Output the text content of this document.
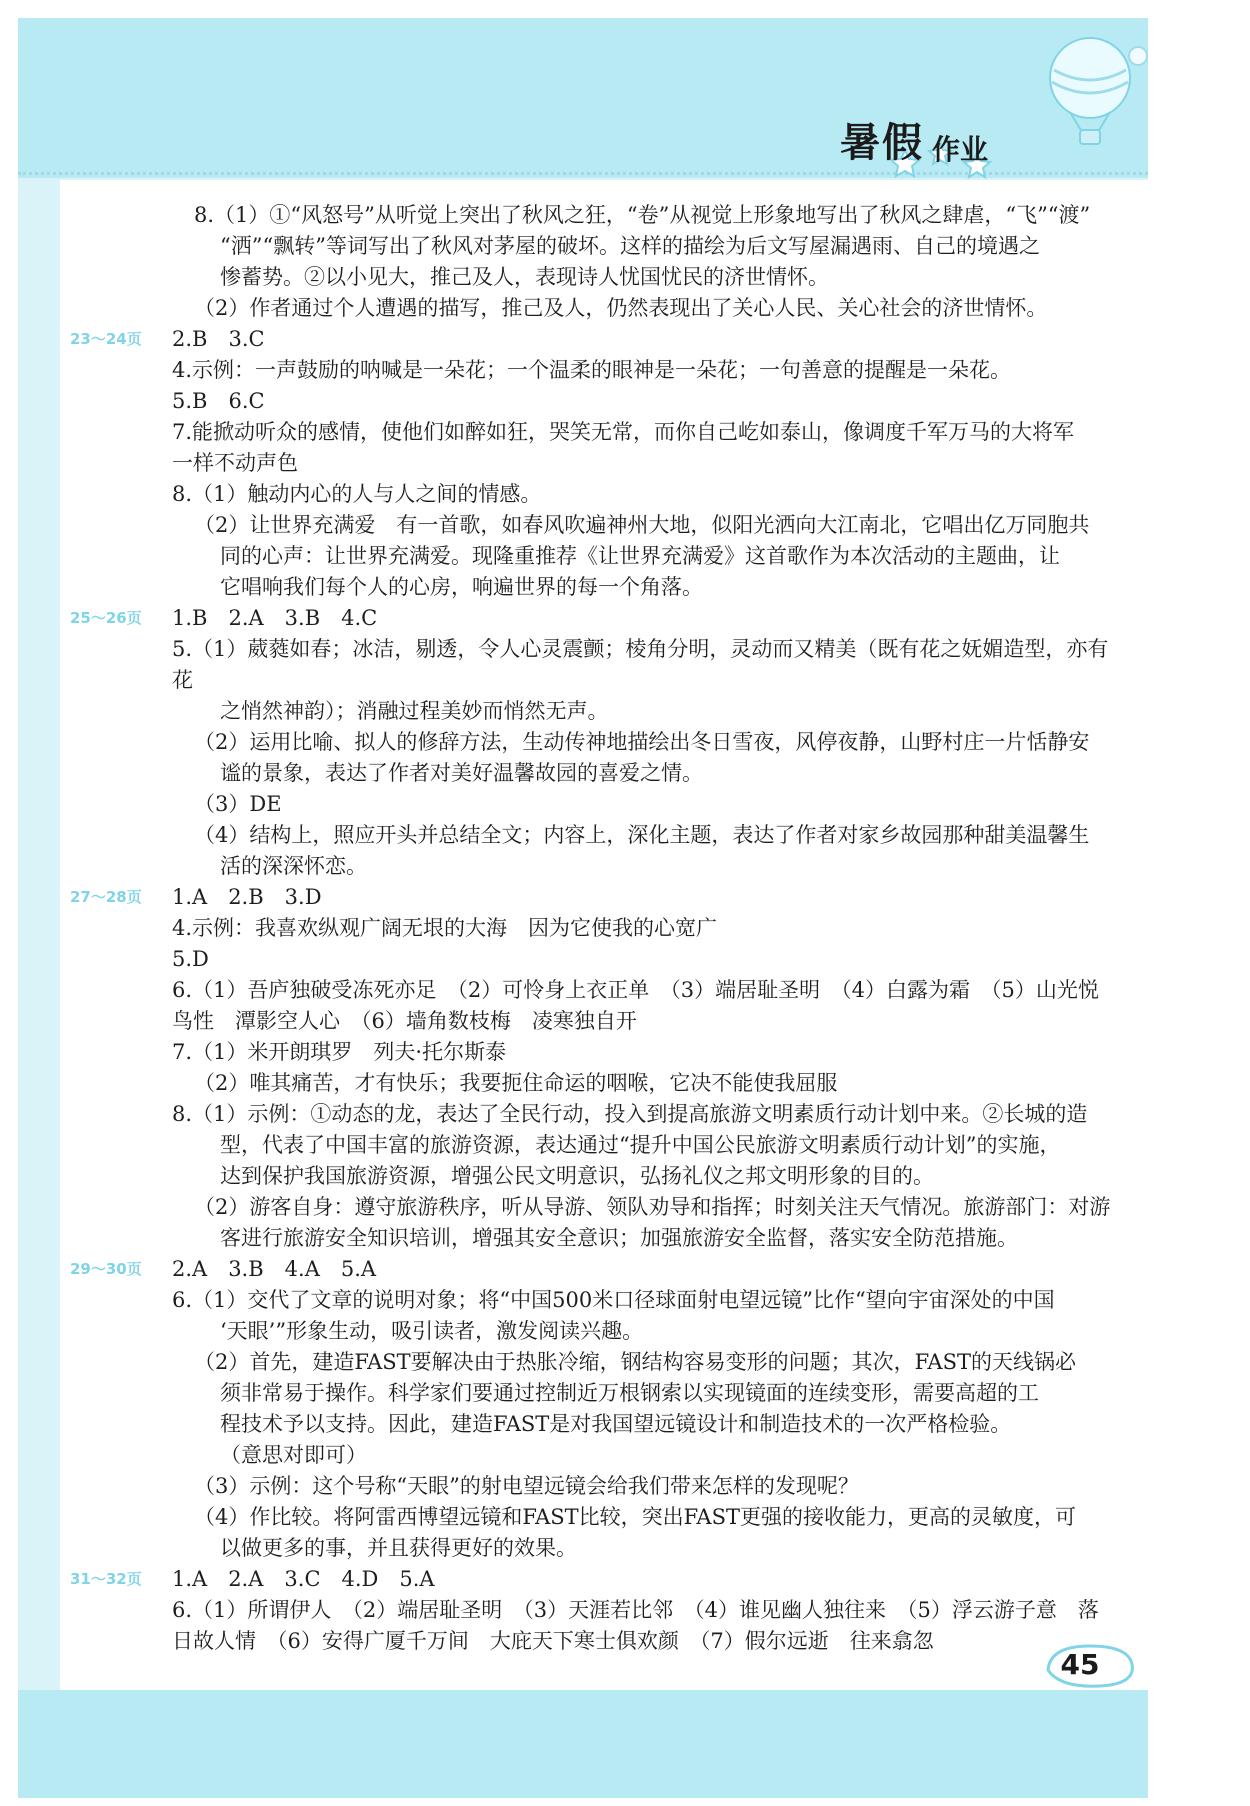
暑假 作业
8.（1）①“风怒号”从听觉上突出了秋风之狂，“卷”从视觉上形象地写出了秋风之肆虐，“飞”“渡”
“洒”“飘转”等词写出了秋风对茅屋的破坏。这样的描绘为后文写屋漏遇雨、自己的境遇之
惨蓄势。②以小见大，推己及人，表现诗人忧国忧民的济世情怀。
（2）作者通过个人遭遇的描写，推己及人，仍然表现出了关心人民、关心社会的济世情怀。
23～24页	2.B　3.C
4.示例：一声鼓励的呐喊是一朵花；一个温柔的眼神是一朵花；一句善意的提醒是一朵花。
5.B　6.C
7.能掀动听众的感情，使他们如醉如狂，哭笑无常，而你自己屹如泰山，像调度千军万马的大将军
一样不动声色
8.（1）触动内心的人与人之间的情感。
（2）让世界充满爱　有一首歌，如春风吹遍神州大地，似阳光洒向大江南北，它唱出亿万同胞共
同的心声：让世界充满爱。现隆重推荐《让世界充满爱》这首歌作为本次活动的主题曲，让
它唱响我们每个人的心房，响遍世界的每一个角落。
25～26页	1.B　2.A　3.B　4.C
5.（1）葳蕤如春；冰洁，剔透，令人心灵震颤；棱角分明，灵动而又精美（既有花之妩媚造型，亦有花
之悄然神韵）；消融过程美妙而悄然无声。
（2）运用比喻、拟人的修辞方法，生动传神地描绘出冬日雪夜，风停夜静，山野村庄一片恬静安
谧的景象，表达了作者对美好温馨故园的喜爱之情。
（3）DE
（4）结构上，照应开头并总结全文；内容上，深化主题，表达了作者对家乡故园那种甜美温馨生
活的深深怀恋。
27～28页	1.A　2.B　3.D
4.示例：我喜欢纵观广阔无垠的大海　因为它使我的心宽广
5.D
6.（1）吾庐独破受冻死亦足　（2）可怜身上衣正单　（3）端居耻圣明　（4）白露为霜　（5）山光悦
鸟性　潭影空人心　（6）墙角数枝梅　凌寒独自开
7.（1）米开朗琪罗　列夫·托尔斯泰
（2）唯其痛苦，才有快乐；我要扼住命运的咽喉，它决不能使我屈服
8.（1）示例：①动态的龙，表达了全民行动，投入到提高旅游文明素质行动计划中来。②长城的造
型，代表了中国丰富的旅游资源，表达通过“提升中国公民旅游文明素质行动计划”的实施，
达到保护我国旅游资源，增强公民文明意识，弘扬礼仪之邦文明形象的目的。
（2）游客自身：遵守旅游秩序，听从导游、领队劝导和指挥；时刻关注天气情况。旅游部门：对游
客进行旅游安全知识培训，增强其安全意识；加强旅游安全监督，落实安全防范措施。
29～30页	2.A　3.B　4.A　5.A
6.（1）交代了文章的说明对象；将“中国500米口径球面射电望远镜”比作“望向宇宙深处的中国
‘天眼’”形象生动，吸引读者，激发阅读兴趣。
（2）首先，建造FAST要解决由于热胀冷缩，钢结构容易变形的问题；其次，FAST的天线锅必
须非常易于操作。科学家们要通过控制近万根钢索以实现镜面的连续变形，需要高超的工
程技术予以支持。因此，建造FAST是对我国望远镜设计和制造技术的一次严格检验。
（意思对即可）
（3）示例：这个号称“天眼”的射电望远镜会给我们带来怎样的发现呢？
（4）作比较。将阿雷西博望远镜和FAST比较，突出FAST更强的接收能力，更高的灵敏度，可
以做更多的事，并且获得更好的效果。
31～32页	1.A　2.A　3.C　4.D　5.A
6.（1）所谓伊人　（2）端居耻圣明　（3）天涯若比邻　（4）谁见幽人独往来　（5）浮云游子意　落
日故人情　（6）安得广厦千万间　大庇天下寒士俱欢颜　（7）假尔远逝　往来翕忽
45
